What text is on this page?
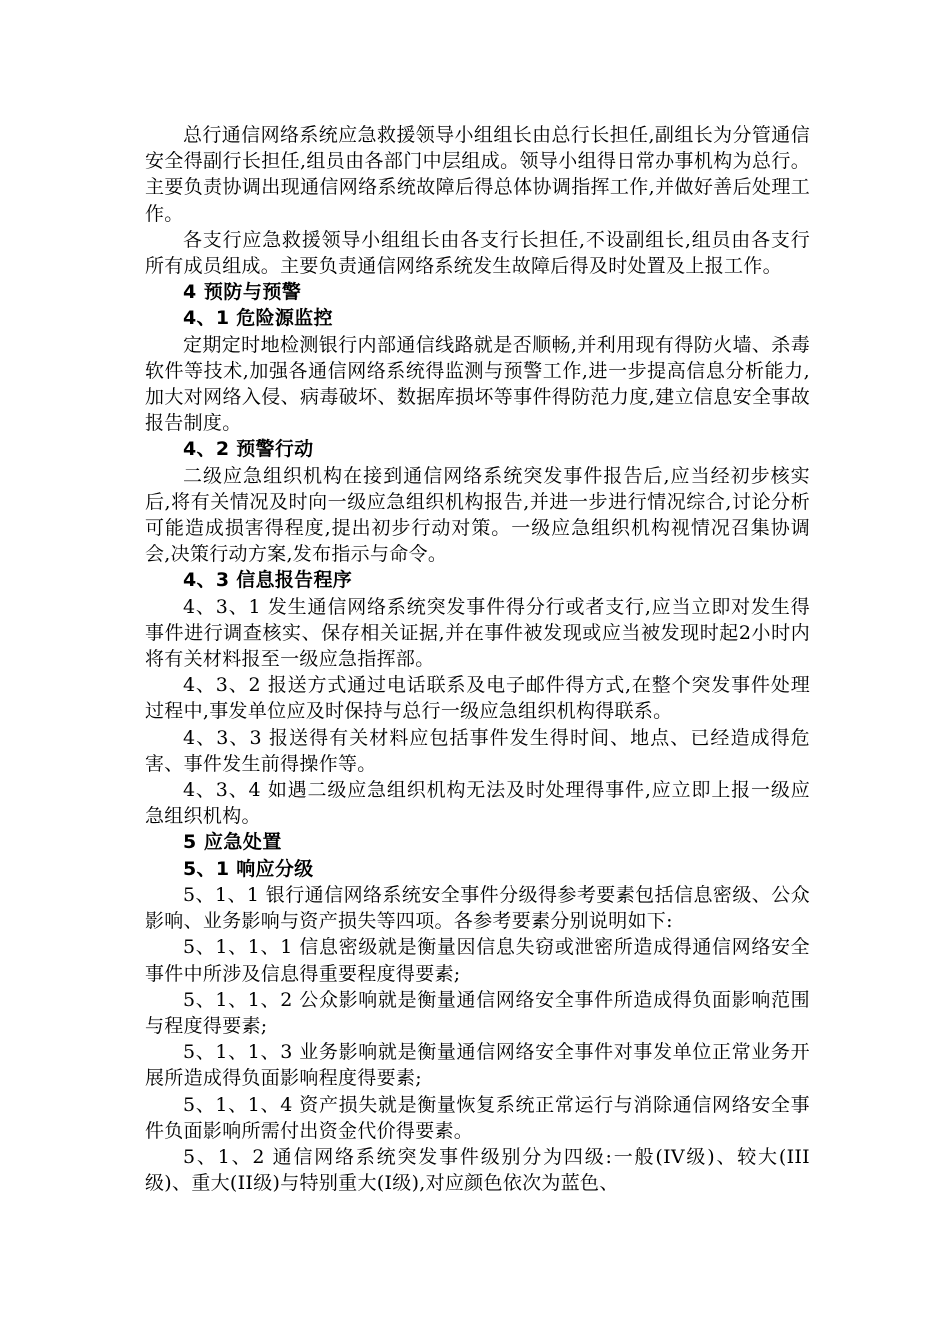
总行通信网络系统应急救援领导小组组长由总行长担任,副组长为分管通信安全得副行长担任,组员由各部门中层组成。领导小组得日常办事机构为总行。主要负责协调出现通信网络系统故障后得总体协调指挥工作,并做好善后处理工作。

各支行应急救援领导小组组长由各支行长担任,不设副组长,组员由各支行所有成员组成。主要负责通信网络系统发生故障后得及时处置及上报工作。

4 预防与预警

4、1 危险源监控

定期定时地检测银行内部通信线路就是否顺畅,并利用现有得防火墙、杀毒软件等技术,加强各通信网络系统得监测与预警工作,进一步提高信息分析能力,加大对网络入侵、病毒破坏、数据库损坏等事件得防范力度,建立信息安全事故报告制度。

4、2 预警行动

二级应急组织机构在接到通信网络系统突发事件报告后,应当经初步核实后,将有关情况及时向一级应急组织机构报告,并进一步进行情况综合,讨论分析可能造成损害得程度,提出初步行动对策。一级应急组织机构视情况召集协调会,决策行动方案,发布指示与命令。

4、3 信息报告程序

4、3、1 发生通信网络系统突发事件得分行或者支行,应当立即对发生得事件进行调查核实、保存相关证据,并在事件被发现或应当被发现时起2小时内将有关材料报至一级应急指挥部。

4、3、2 报送方式通过电话联系及电子邮件得方式,在整个突发事件处理过程中,事发单位应及时保持与总行一级应急组织机构得联系。

4、3、3 报送得有关材料应包括事件发生得时间、地点、已经造成得危害、事件发生前得操作等。

4、3、4 如遇二级应急组织机构无法及时处理得事件,应立即上报一级应急组织机构。

5 应急处置

5、1 响应分级

5、1、1 银行通信网络系统安全事件分级得参考要素包括信息密级、公众影响、业务影响与资产损失等四项。各参考要素分别说明如下:

5、1、1、1 信息密级就是衡量因信息失窃或泄密所造成得通信网络安全事件中所涉及信息得重要程度得要素;

5、1、1、2 公众影响就是衡量通信网络安全事件所造成得负面影响范围与程度得要素;

5、1、1、3 业务影响就是衡量通信网络安全事件对事发单位正常业务开展所造成得负面影响程度得要素;

5、1、1、4 资产损失就是衡量恢复系统正常运行与消除通信网络安全事件负面影响所需付出资金代价得要素。

5、1、2 通信网络系统突发事件级别分为四级:一般(IV级)、较大(III级)、重大(II级)与特别重大(I级),对应颜色依次为蓝色、
